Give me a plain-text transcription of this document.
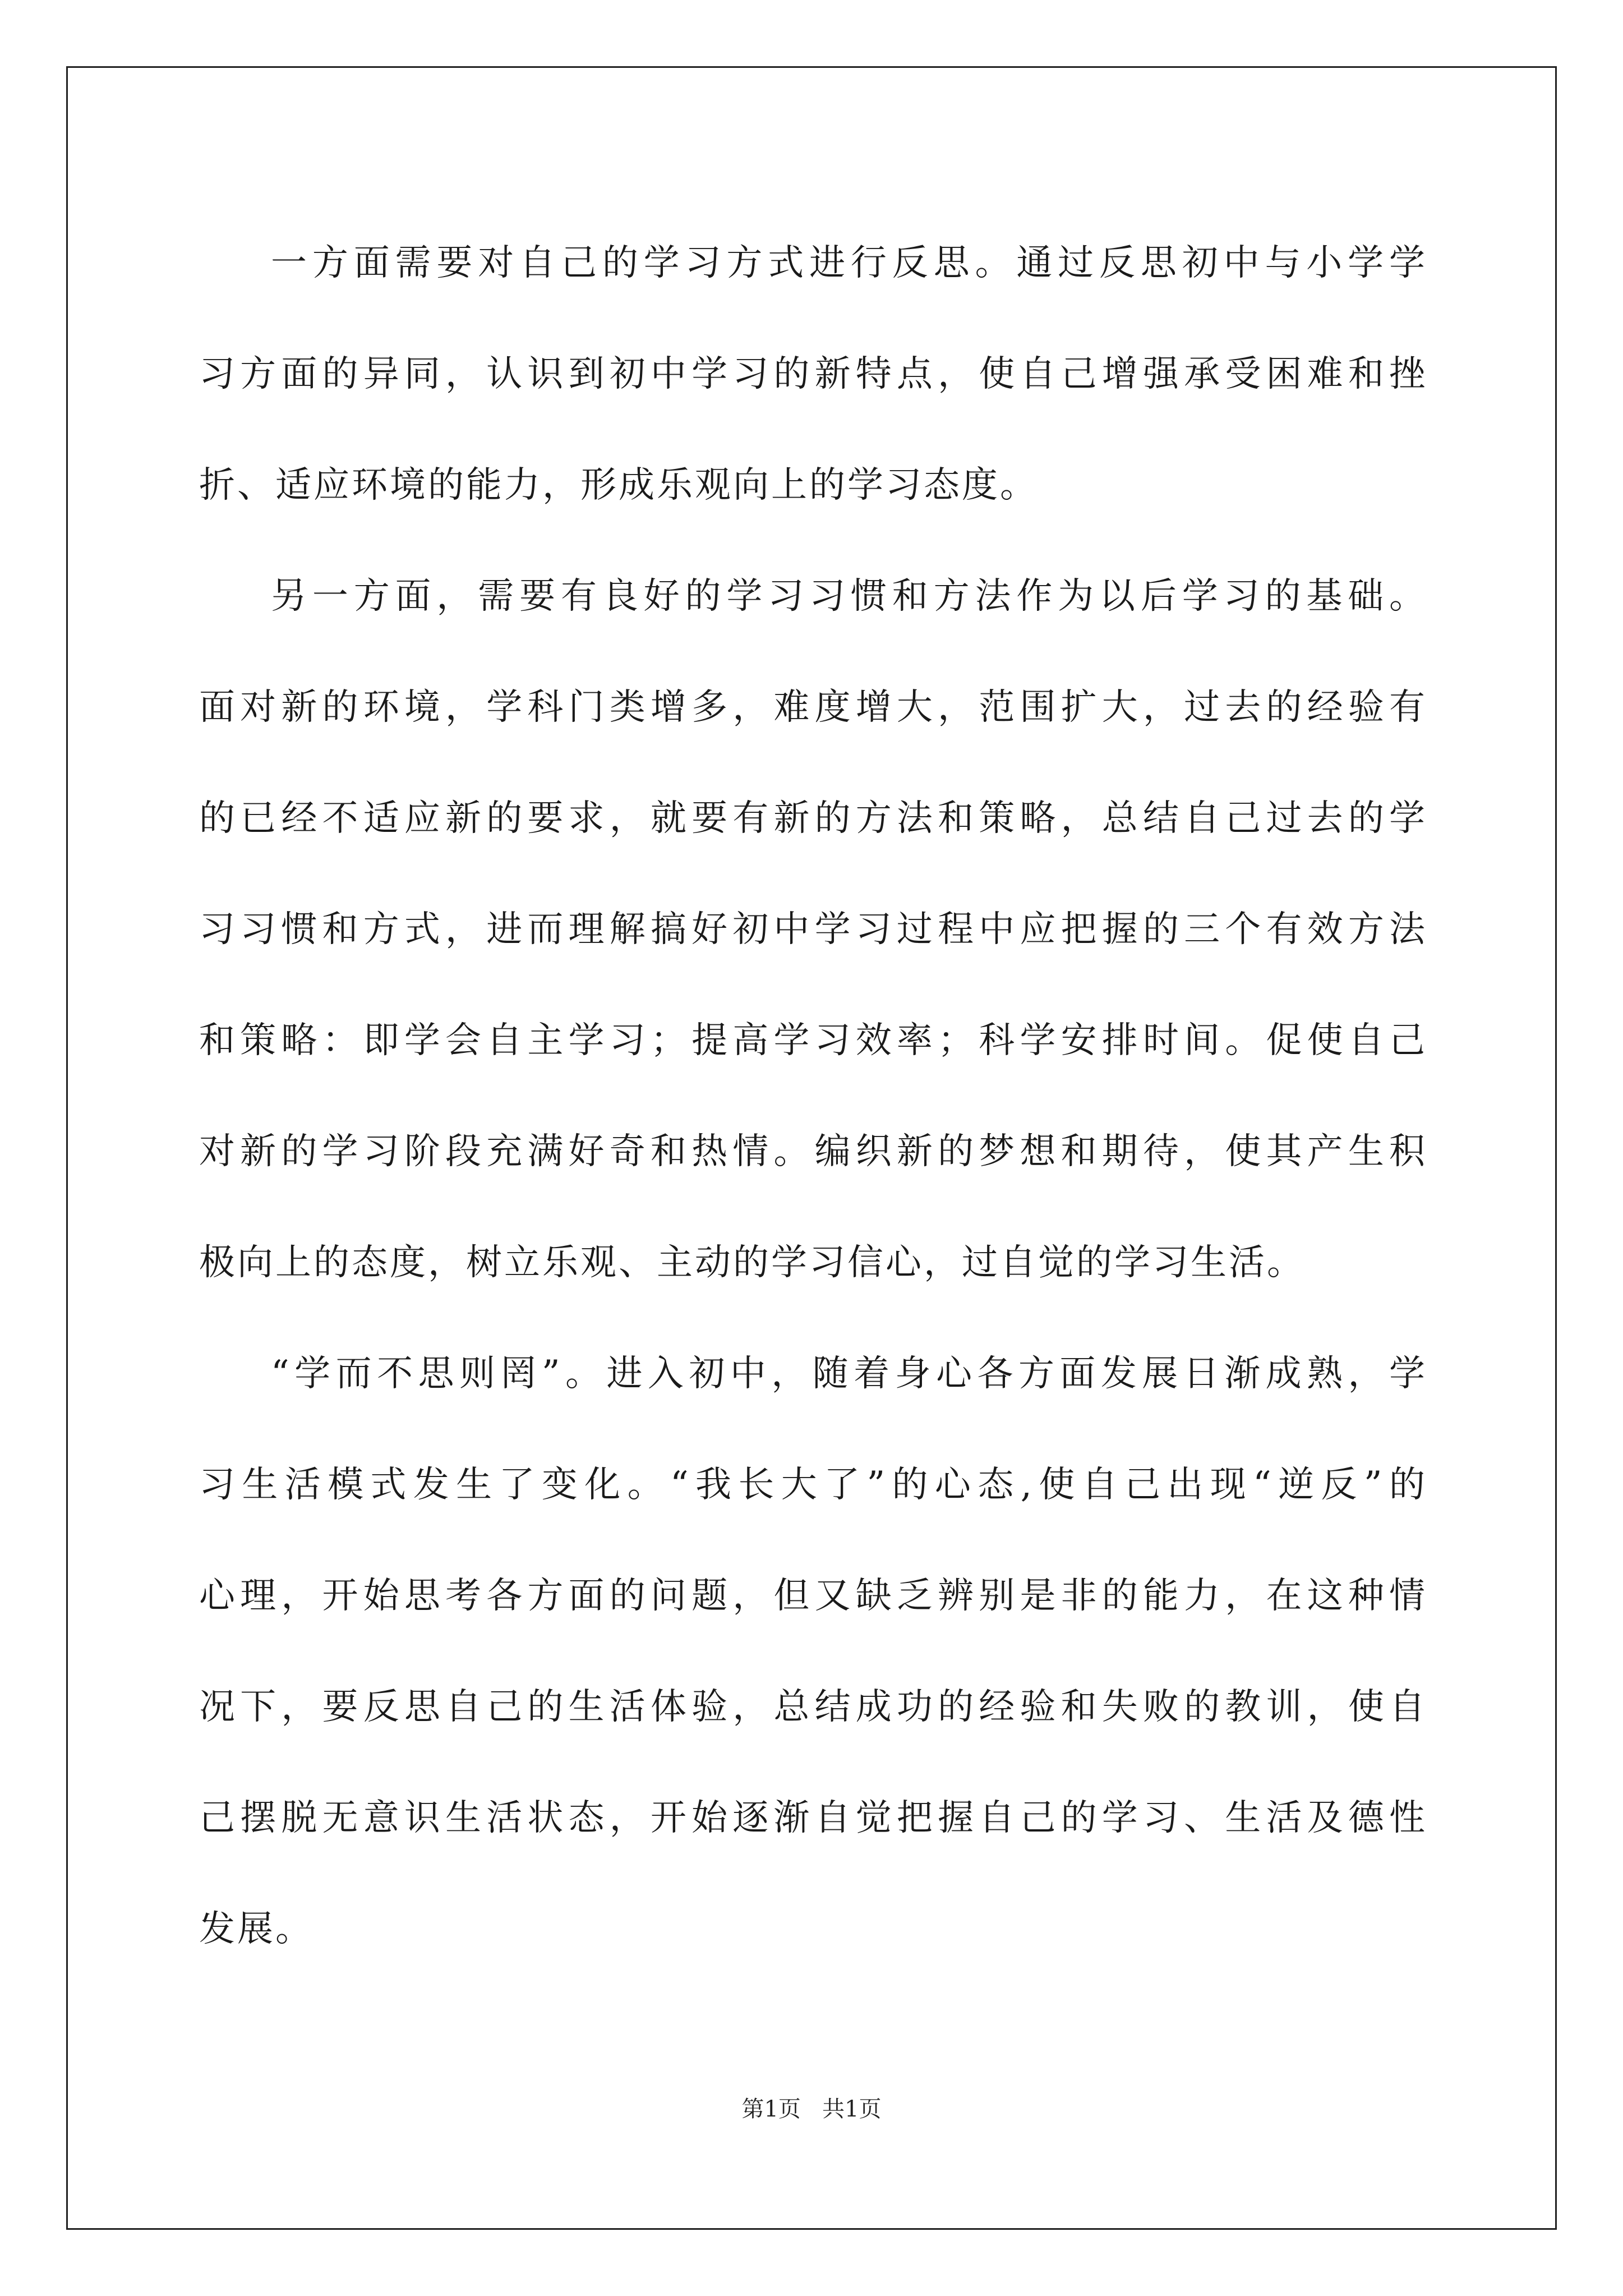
一方面需要对自己的学习方式进行反思。通过反思初中与小学学
习方面的异同，认识到初中学习的新特点，使自己增强承受困难和挫
折、适应环境的能力，形成乐观向上的学习态度。
另一方面，需要有良好的学习习惯和方法作为以后学习的基础。
面对新的环境，学科门类增多，难度增大，范围扩大，过去的经验有
的已经不适应新的要求，就要有新的方法和策略，总结自己过去的学
习习惯和方式，进而理解搞好初中学习过程中应把握的三个有效方法
和策略：即学会自主学习；提高学习效率；科学安排时间。促使自己
对新的学习阶段充满好奇和热情。编织新的梦想和期待，使其产生积
极向上的态度，树立乐观、主动的学习信心，过自觉的学习生活。
“学而不思则罔”。进入初中，随着身心各方面发展日渐成熟，学
习生活模式发生了变化。“我长大了”的心态,使自己出现“逆反”的
心理，开始思考各方面的问题，但又缺乏辨别是非的能力，在这种情
况下，要反思自己的生活体验，总结成功的经验和失败的教训，使自
己摆脱无意识生活状态，开始逐渐自觉把握自己的学习、生活及德性
发展。
第1页   共1页
